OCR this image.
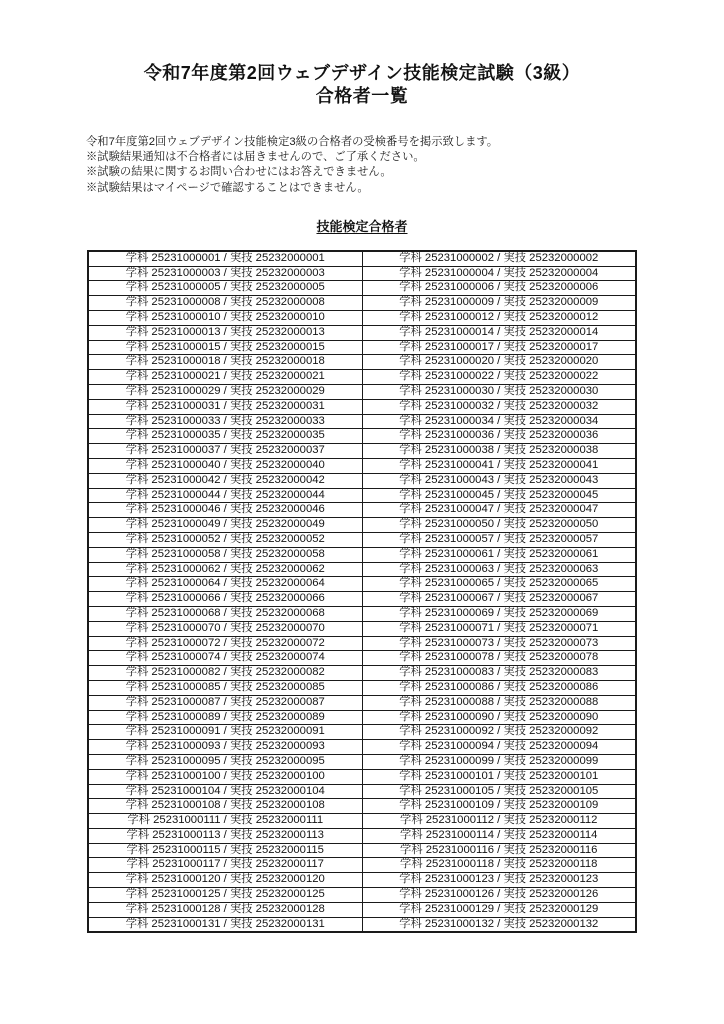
令和7年度第2回ウェブデザイン技能検定試験（3級）
合格者一覧

令和7年度第2回ウェブデザイン技能検定3級の合格者の受検番号を掲示致します。

※試験結果通知は不合格者には届きませんので、ご了承ください。

※試験の結果に関するお問い合わせにはお答えできません。

※試験結果はマイページで確認することはできません。

技能検定合格者
学科 25231000001 / 実技 25232000001	学科 25231000002 / 実技 25232000002
学科 25231000003 / 実技 25232000003	学科 25231000004 / 実技 25232000004
学科 25231000005 / 実技 25232000005	学科 25231000006 / 実技 25232000006
学科 25231000008 / 実技 25232000008	学科 25231000009 / 実技 25232000009
学科 25231000010 / 実技 25232000010	学科 25231000012 / 実技 25232000012
学科 25231000013 / 実技 25232000013	学科 25231000014 / 実技 25232000014
学科 25231000015 / 実技 25232000015	学科 25231000017 / 実技 25232000017
学科 25231000018 / 実技 25232000018	学科 25231000020 / 実技 25232000020
学科 25231000021 / 実技 25232000021	学科 25231000022 / 実技 25232000022
学科 25231000029 / 実技 25232000029	学科 25231000030 / 実技 25232000030
学科 25231000031 / 実技 25232000031	学科 25231000032 / 実技 25232000032
学科 25231000033 / 実技 25232000033	学科 25231000034 / 実技 25232000034
学科 25231000035 / 実技 25232000035	学科 25231000036 / 実技 25232000036
学科 25231000037 / 実技 25232000037	学科 25231000038 / 実技 25232000038
学科 25231000040 / 実技 25232000040	学科 25231000041 / 実技 25232000041
学科 25231000042 / 実技 25232000042	学科 25231000043 / 実技 25232000043
学科 25231000044 / 実技 25232000044	学科 25231000045 / 実技 25232000045
学科 25231000046 / 実技 25232000046	学科 25231000047 / 実技 25232000047
学科 25231000049 / 実技 25232000049	学科 25231000050 / 実技 25232000050
学科 25231000052 / 実技 25232000052	学科 25231000057 / 実技 25232000057
学科 25231000058 / 実技 25232000058	学科 25231000061 / 実技 25232000061
学科 25231000062 / 実技 25232000062	学科 25231000063 / 実技 25232000063
学科 25231000064 / 実技 25232000064	学科 25231000065 / 実技 25232000065
学科 25231000066 / 実技 25232000066	学科 25231000067 / 実技 25232000067
学科 25231000068 / 実技 25232000068	学科 25231000069 / 実技 25232000069
学科 25231000070 / 実技 25232000070	学科 25231000071 / 実技 25232000071
学科 25231000072 / 実技 25232000072	学科 25231000073 / 実技 25232000073
学科 25231000074 / 実技 25232000074	学科 25231000078 / 実技 25232000078
学科 25231000082 / 実技 25232000082	学科 25231000083 / 実技 25232000083
学科 25231000085 / 実技 25232000085	学科 25231000086 / 実技 25232000086
学科 25231000087 / 実技 25232000087	学科 25231000088 / 実技 25232000088
学科 25231000089 / 実技 25232000089	学科 25231000090 / 実技 25232000090
学科 25231000091 / 実技 25232000091	学科 25231000092 / 実技 25232000092
学科 25231000093 / 実技 25232000093	学科 25231000094 / 実技 25232000094
学科 25231000095 / 実技 25232000095	学科 25231000099 / 実技 25232000099
学科 25231000100 / 実技 25232000100	学科 25231000101 / 実技 25232000101
学科 25231000104 / 実技 25232000104	学科 25231000105 / 実技 25232000105
学科 25231000108 / 実技 25232000108	学科 25231000109 / 実技 25232000109
学科 25231000111 / 実技 25232000111	学科 25231000112 / 実技 25232000112
学科 25231000113 / 実技 25232000113	学科 25231000114 / 実技 25232000114
学科 25231000115 / 実技 25232000115	学科 25231000116 / 実技 25232000116
学科 25231000117 / 実技 25232000117	学科 25231000118 / 実技 25232000118
学科 25231000120 / 実技 25232000120	学科 25231000123 / 実技 25232000123
学科 25231000125 / 実技 25232000125	学科 25231000126 / 実技 25232000126
学科 25231000128 / 実技 25232000128	学科 25231000129 / 実技 25232000129
学科 25231000131 / 実技 25232000131	学科 25231000132 / 実技 25232000132
